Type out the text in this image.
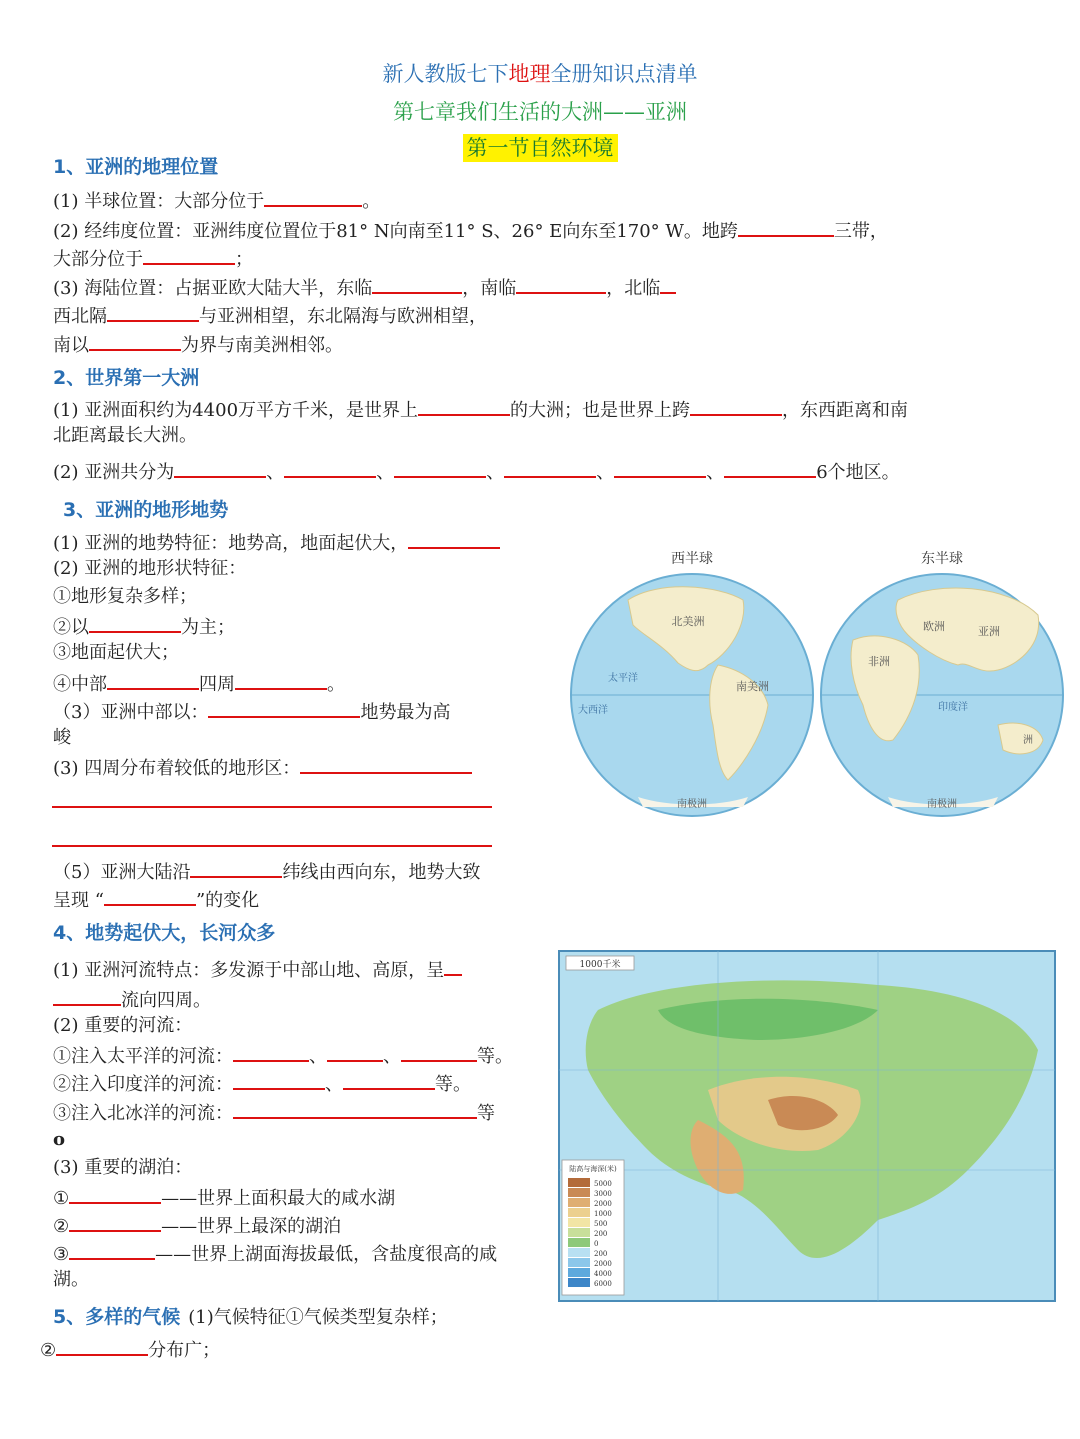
新人教版七下地理全册知识点清单
第七章我们生活的大洲——亚洲
第一节自然环境
1、亚洲的地理位置
(1) 半球位置：大部分位于	。
(2) 经纬度位置：亚洲纬度位置位于81° N向南至11° S、26° E向东至170° W。地跨	三带，
大部分位于	；
(3) 海陆位置：占据亚欧大陆大半，东临	，南临	，北临
西北隔	与亚洲相望，东北隔海与欧洲相望，
南以	为界与南美洲相邻。
2、世界第一大洲
(1) 亚洲面积约为4400万平方千米，是世界上	的大洲；也是世界上跨	，东西距离和南
北距离最长大洲。
(2) 亚洲共分为	、	、	、	、	、	6个地区。
3、亚洲的地形地势
(1) 亚洲的地势特征：地势高，地面起伏大，
(2) 亚洲的地形状特征：
①地形复杂多样；
②以	为主；
③地面起伏大；
④中部	四周	。
（3）亚洲中部以：	地势最为高
峻
(3) 四周分布着较低的地形区：
（5）亚洲大陆沿	纬线由西向东，地势大致
呈现 “	”的变化
4、地势起伏大，长河众多
(1) 亚洲河流特点：多发源于中部山地、高原，呈
流向四周。
(2) 重要的河流：
①注入太平洋的河流：	、	、	等。
②注入印度洋的河流：	、	等。
③注入北冰洋的河流：	等
o
(3) 重要的湖泊：
①	——世界上面积最大的咸水湖
②	——世界上最深的湖泊
③	——世界上湖面海拔最低，含盐度很高的咸
湖。
5、多样的气候 (1)气候特征①气候类型复杂样；
②	分布广；
西半球	东半球
北美洲
南美洲
太平洋
大西洋
南极洲
亚洲
欧洲
非洲
印度洋
洲
南极洲
1000千米
陆高与海深(米)
5000
3000
2000
1000
500
200
0
200
2000
4000
6000
